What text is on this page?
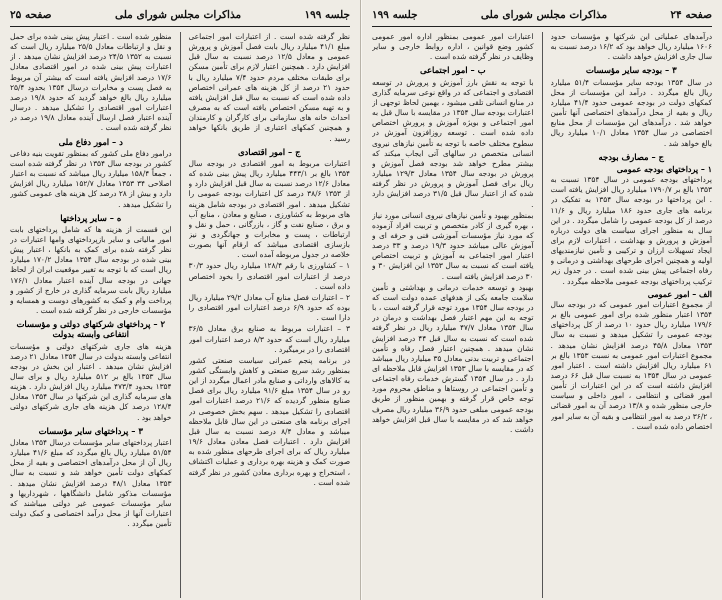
جلسه ۱۹۹
مذاکرات مجلس شورای ملی
صفحه ۲۵

نظر گرفته شده است . از اعتبارات امور اجتماعی مبلغ ۴۱/۱ میلیارد ریال بابت فصل آموزش و پرورش عمومی و معادل ۱۲/۵ درصد نسبت به سال قبل افزایش دارد . همچنین اعتبار لازم برای تأمین مسکن برای طبقات مختلف مردم حدود ۷/۴ میلیارد ریال با حدود ۲۱ درصد از کل هزینه های عمرانی اختصاص داده شده است که نسبت به سال قبل افزایش یافته و به تهیه مسکن اختصاص یافته است که به مصرف احداث خانه های سازمانی برای کارگران و کارمندان و همچنین کمکهای اعتباری از طریق بانکها خواهد رسید .

ج – امور اقتصادی

اعتبارات مربوط به امور اقتصادی در بودجه سال ۱۳۵۴ بالغ بر ۴۴۳/۱ میلیارد ریال پیش بینی شده که معادل ۱۲/۶ درصد نسبت به سال قبل افزایش دارد و از ۱۳۵۳ ۳۸/۶ درصد کل اعتبارات بودجه عمومی را تشکیل میدهد . امور اقتصادی در بودجه شامل هزینه های مربوط به کشاورزی ، صنایع و معادن ، منابع آب و برق ، صنایع نفت و گاز ، بازرگانی ، حمل و نقل و ارتباطات ، پست و مخابرات و جهانگردی و نیز بازسازی اقتصادی میباشد که ارقام آنها بصورت خلاصه در جدول مربوطه آمده است .

۱ – کشاورزی با رقم ۱۲۸/۴ میلیارد ریال حدود ۳۰/۳ درصد از اعتبارات امور اقتصادی را بخود اختصاص داده است .

۲ – اعتبارات فصل منابع آب معادل ۲۹/۲ میلیارد ریال بوده که حدود ۶/۹ درصد اعتبارات امور اقتصادی را دارا است .

۳ – اعتبارات مربوط به صنایع برق معادل ۳۶/۵ میلیارد ریال است که حدود ۸/۳ درصد اعتبارات امور اقتصادی را در برمیگیرد .

در برنامه پنجم عمرانی سیاست صنعتی کشور بمنظور رشد سریع صنعتی و کاهش وابستگی کشور به کالاهای وارداتی و صنایع مادر اعمال میگردد از این رو در سال ۱۳۵۴ مبلغ ۹۱/۶ میلیارد ریال برای فصل صنایع منظور گردیده که ۲۱/۶ درصد اعتبارات امور اقتصادی را تشکیل میدهد . سهم بخش خصوصی در اجرای برنامه های صنعتی در این سال قابل ملاحظه میباشد و معادل ۸/۴ درصد نسبت به سال قبل افزایش دارد . اعتبارات فصل معادن معادل ۱۹/۶ میلیارد ریال که برای اجرای طرحهای منظور شده به صورت کمک و هزینه بهره برداری و عملیات اکتشاف ، استخراج و بهره برداری معادن کشور در نظر گرفته شده است .

منظور شده است . اعتبار پیش بینی شده برای حمل و نقل و ارتباطات معادل ۲۵/۵ میلیارد ریال است که نسبت به ۱۳۵۲ ۲۴/۵ درصد افزایش نشان میدهد . از اعتبارات پیش بینی شده در امور اقتصادی معادل ۱۷/۶ درصد افزایش یافته است که بیشتر آن مربوط به فصل پست و مخابرات درسال ۱۳۵۴ بحدود ۲۵/۴ میلیارد ریال بالغ خواهد گردید که حدود ۱۹/۸ درصد اعتبارات امور اقتصادی را تشکیل میدهد . درسال آینده اعتبار فصل ارسال آینده معادل ۱۹/۸ درصد در نظر گرفته شده است .

د – امور دفاع ملی

درامور دفاع ملی کشور که بمنظور تقویت بنیه دفاعی کشور در بودجه سال ۱۳۵۴ در نظر گرفته شده است ، جمعاً ۱۵۸/۴ میلیارد ریال میباشد که نسبت به اعتبار اصلاحی ۳۴ ۱۳۵۳ معادل ۱۵۲/۷ میلیارد ریال افزایش دارد و بیش از ۲۸ درصد کل هزینه های عمومی کشور را تشکیل میدهد .

ه – سایر پرداختها

این قسمت از هزینه ها که شامل پرداختهای بابت امور مالیاتی و سایر بازپرداختهای وامها اعتبارات در نظر گرفته شده برای کمک به بانکها ، اعتبار پیش بینی شده در بودجه سال ۱۳۵۴ معادل ۱۷۰/۲ میلیارد ریال است که با توجه به تغییر موقعیت ایران از لحاظ جهانی در بودجه سال آینده اعتبار معادل ۱۷۶/۱ میلیارد ریال بابت سرمایه گذاری در خارج از کشور و پرداخت وام و کمک به کشورهای دوست و همسایه و مؤسسات خارجی در نظر گرفته شده است .

۲ – پرداختهای شرکتهای دولتی و مؤسسات انتفاعی وابسته بدولت

هزینه های جاری شرکتهای دولتی و مؤسسات انتفاعی وابسته بدولت در سال ۱۳۵۴ معادل ۲۱ درصد افزایش نشان میدهد . اعتبار این بخش در بودجه سال ۱۳۵۳ بالغ بر ۵۱۲ میلیارد ریال و برای سال ۱۳۵۴ بحدود ۴۷۳/۴ میلیارد ریال افزایش دارد . هزینه های سرمایه گذاری این شرکتها در سال ۱۳۵۴ معادل ۱۲۸/۴ درصد کل هزینه های جاری شرکتهای دولتی خواهد بود .

۳ – پرداختهای سایر مؤسسات

اعتبار پرداختهای سایر مؤسسات درسال ۱۳۵۴ معادل ۵۱/۵۴ میلیارد ریال بالغ میگردد که مبلغ ۴۱/۶ میلیارد ریال آن از محل درآمدهای اختصاصی و بقیه از محل کمکهای دولت تأمین خواهد شد و نسبت به سال ۱۳۵۳ معادل ۴۸/۱ درصد افزایش نشان میدهد . مؤسسات مذکور شامل دانشگاهها ، شهرداریها و سایر مؤسسات عمومی غیر دولتی میباشند که اعتبارات آنها از محل درآمد اختصاصی و کمک دولت تأمین میگردد .

صفحه ۲۴
مذاکرات مجلس شورای ملی
جلسه ۱۹۹

درآمدهای عملیاتی این شرکتها و مؤسسات حدود ۱۶۰۶ میلیارد ریال خواهد بود که ۱۶/۲ درصد نسبت به سال جاری افزایش خواهد داشت .

۳ – بودجه سایر مؤسسات

در سال ۱۳۵۴ بودجه سایر مؤسسات ۵۱/۴ میلیارد ریال بالغ میگردد . درآمد این مؤسسات از محل کمکهای دولت در بودجه عمومی حدود ۴۱/۴ میلیارد ریال و بقیه از محل درآمدهای اختصاصی آنها تأمین خواهد شد . درآمدهای این مؤسسات از محل منابع اختصاصی در سال ۱۳۵۴ معادل ۱۰/۱ میلیارد ریال بالغ خواهد شد .

ج – مصارف بودجه
۱ – پرداختهای بودجه عمومی

پرداختهای بودجه عمومی در سال ۱۳۵۴ نسبت به ۱۳۵۳ بالغ بر ۱۷۹۰/۷ میلیارد ریال افزایش یافته است . این پرداختها در بودجه سال ۱۳۵۴ به تفکیک در برنامه های جاری حدود ۱۸۶ میلیارد ریال و ۱۱/۶ درصد از کل بودجه عمومی را شامل میگردد . در این سال به منظور اجرای سیاست های دولت درباره آموزش و پرورش و بهداشت ، اعتبارات لازم برای ایجاد تسهیلات ارزان و ترکیبی و تأمین نیازمندیهای اولیه و همچنین اجرای طرحهای بهداشتی و درمانی و رفاه اجتماعی پیش بینی شده است . در جدول زیر ترکیب پرداختهای بودجه عمومی ملاحظه میگردد .

الف – امور عمومی

از مجموع اعتبارات امور عمومی که در بودجه سال ۱۳۵۴ اعتبار منظور شده برای امور عمومی بالغ بر ۱۷۹/۶ میلیارد ریال حدود ۱۰ درصد از کل پرداختهای بودجه عمومی را تشکیل میدهد و نسبت به سال ۱۳۵۳ معادل ۴۵/۸ درصد افزایش نشان میدهد . مجموع اعتبارات امور عمومی به نسبت ۱۳۵۳ بالغ بر ۶۱ میلیارد ریال افزایش داشته است . اعتبار امور عمومی در سال ۱۳۵۴ به نسبت سال قبل ۶۶ درصد افزایش داشته است که در این اعتبارات از تأمین امور قضائی و انتظامی ، امور داخلی و سیاست خارجی منظور شده و ۱۳/۸ درصد آن به امور قضائی ، ۳۶/۲ درصد به امور انتظامی و بقیه آن به سایر امور اختصاص داده شده است .

اعتبارات امور عمومی بمنظور اداره امور عمومی کشور وضع قوانین ، اداره روابط خارجی و سایر وظایف در نظر گرفته شده است .

ب – امور اجتماعی

با توجه به نقش بارز آموزش و پرورش در توسعه اقتصادی و اجتماعی که در واقع نوعی سرمایه گذاری در منابع انسانی تلقی میشود ، بهمین لحاظ توجهی از اعتبارات بودجه سال ۱۳۵۴ در مقایسه با سال قبل به امور اجتماعی و بویژه آموزش و پرورش اختصاص داده شده است . توسعه روزافزون آموزش در سطوح مختلف خاصه با توجه به تأمین نیازهای نیروی انسانی متخصص در سالهای آتی ایجاب میکند که بیشتر مطرح خواهد شد بودجه فصل آموزش و پرورش در بودجه سال ۱۳۵۴ معادل ۱۲۹/۳ میلیارد ریال برای فصل آموزش و پرورش در نظر گرفته شده که از اعتبار سال قبل ۳۱/۵ درصد افزایش دارد .

بمنظور بهبود و تأمین نیازهای نیروی انسانی مورد نیاز ، بهره گیری از کادر متخصص و تربیت افراد آزموده که مورد نیاز مؤسسات آموزشی فنی و حرفه ای و آموزش عالی میباشد حدود ۱۹/۳ درصد و ۳۳ درصد اعتبار امور اجتماعی به آموزش و تربیت اختصاص یافته است که نسبت به سال ۱۳۵۳ این افزایش ۳۰ و ۳۰ درصد افزایش یافته است .

بهبود و توسعه خدمات درمانی و بهداشتی و تأمین سلامت جامعه یکی از هدفهای عمده دولت است که در بودجه سال ۱۳۵۴ مورد توجه قرار گرفته است ، با توجه به این مهم اعتبار فصل بهداشت و درمان در سال ۱۳۵۴ معادل ۴۷/۷ میلیارد ریال در نظر گرفته شده است که نسبت به سال قبل ۴۴ درصد افزایش نشان میدهد . همچنین اعتبار فصل رفاه و تأمین اجتماعی و تربیت بدنی معادل ۳۵ میلیارد ریال میباشد که در مقایسه با سال ۱۳۵۳ افزایش قابل ملاحظه ای دارد . در سال ۱۳۵۴ گسترش خدمات رفاه اجتماعی و تأمین اجتماعی در روستاها و مناطق محروم مورد توجه خاص قرار گرفته و بهمین منظور از طریق بودجه عمومی مبلغی حدود ۳۶/۹ میلیارد ریال مصرف خواهد شد که در مقایسه با سال قبل افزایش خواهد داشت .
